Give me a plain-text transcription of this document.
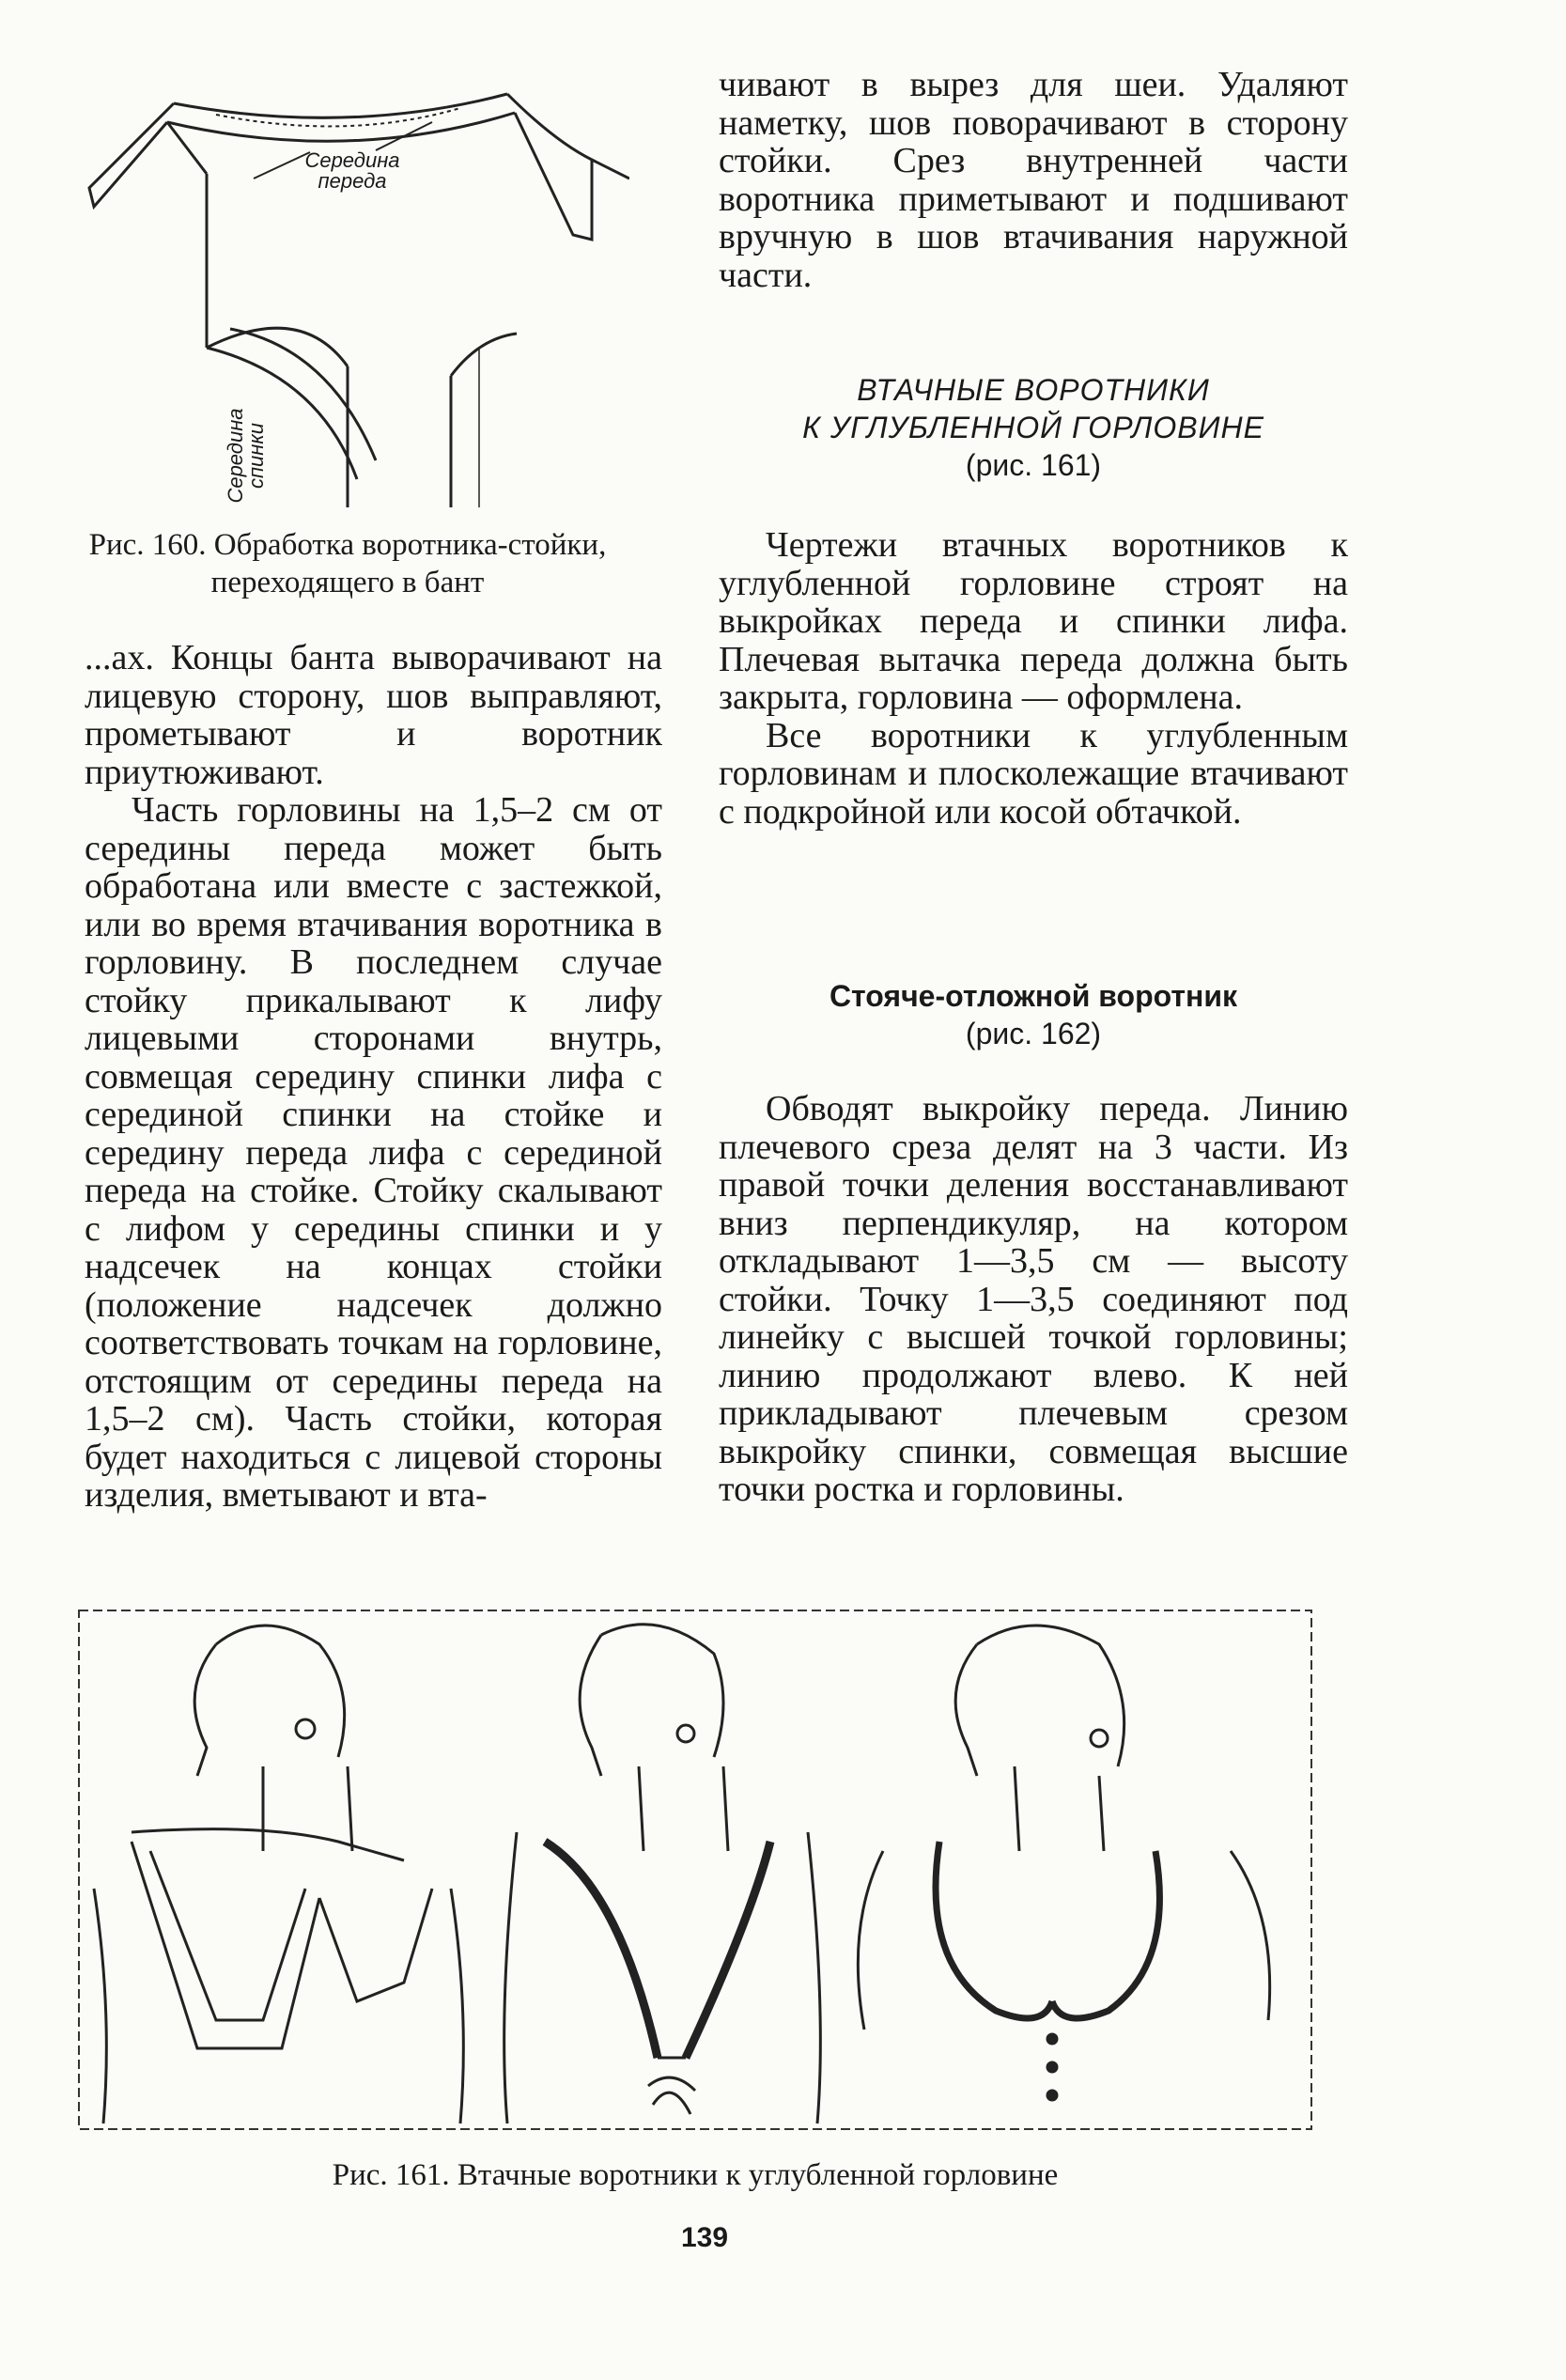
Середина переда
Середина спинки
Рис. 160. Обработка воротника-стойки, переходящего в бант

...ах. Концы банта выворачивают на лицевую сторону, шов выправляют, прометывают и воротник приутюживают.

Часть горловины на 1,5–2 см от середины переда может быть обработана или вместе с застежкой, или во время втачивания воротника в горловину. В последнем случае стойку прикалывают к лифу лицевыми сторонами внутрь, совмещая середину спинки лифа с серединой спинки на стойке и середину переда лифа с серединой переда на стойке. Стойку скалывают с лифом у середины спинки и у надсечек на концах стойки (положение надсечек должно соответствовать точкам на горловине, отстоящим от середины переда на 1,5–2 см). Часть стойки, которая будет находиться с лицевой стороны изделия, вметывают и вта-

чивают в вырез для шеи. Удаляют наметку, шов поворачивают в сторону стойки. Срез внутренней части воротника приметывают и подшивают вручную в шов втачивания наружной части.

ВТАЧНЫЕ ВОРОТНИКИ
К УГЛУБЛЕННОЙ ГОРЛОВИНЕ
(рис. 161)

Чертежи втачных воротников к углубленной горловине строят на выкройках переда и спинки лифа. Плечевая вытачка переда должна быть закрыта, горловина — оформлена.

Все воротники к углубленным горловинам и плосколежащие втачивают с подкройной или косой обтачкой.

Стояче-отложной воротник
(рис. 162)

Обводят выкройку переда. Линию плечевого среза делят на 3 части. Из правой точки деления восстанавливают вниз перпендикуляр, на котором откладывают 1—3,5 см — высоту стойки. Точку 1—3,5 соединяют под линейку с высшей точкой горловины; линию продолжают влево. К ней прикладывают плечевым срезом выкройку спинки, совмещая высшие точки ростка и горловины.

Рис. 161. Втачные воротники к углубленной горловине
139
